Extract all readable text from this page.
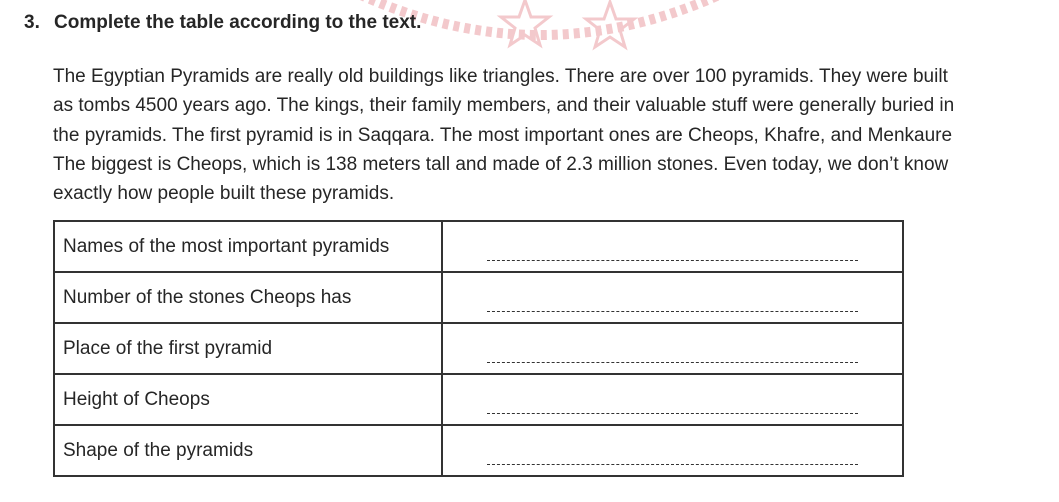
3. Complete the table according to the text.
The Egyptian Pyramids are really old buildings like triangles. There are over 100 pyramids. They were built
as tombs 4500 years ago. The kings, their family members, and their valuable stuff were generally buried in
the pyramids. The first pyramid is in Saqqara. The most important ones are Cheops, Khafre, and Menkaure
The biggest is Cheops, which is 138 meters tall and made of 2.3 million stones. Even today, we don’t know
exactly how people built these pyramids.
Names of the most important pyramids	

Number of the stones Cheops has	

Place of the first pyramid	

Height of Cheops	

Shape of the pyramids	
